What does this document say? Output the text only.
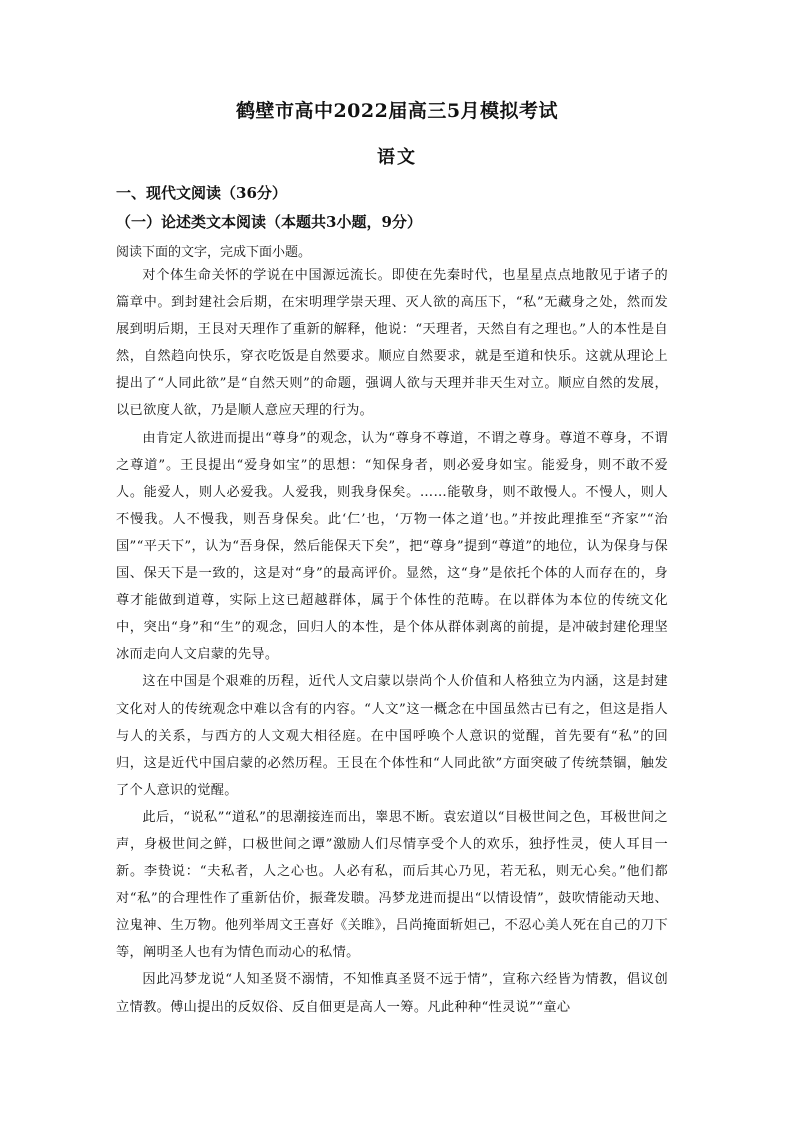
鹤壁市高中2022届高三5月模拟考试
语文
一、现代文阅读（36分）
（一）论述类文本阅读（本题共3小题，9分）
阅读下面的文字，完成下面小题。

对个体生命关怀的学说在中国源远流长。即使在先秦时代，也星星点点地散见于诸子的篇章中。到封建社会后期，在宋明理学崇天理、灭人欲的高压下，“私”无藏身之处，然而发展到明后期，王艮对天理作了重新的解释，他说：“天理者，天然自有之理也。”人的本性是自然，自然趋向快乐，穿衣吃饭是自然要求。顺应自然要求，就是至道和快乐。这就从理论上提出了“人同此欲”是“自然天则”的命题，强调人欲与天理并非天生对立。顺应自然的发展，以已欲度人欲，乃是顺人意应天理的行为。

由肯定人欲进而提出“尊身”的观念，认为“尊身不尊道，不谓之尊身。尊道不尊身，不谓之尊道”。王艮提出“爱身如宝”的思想：“知保身者，则必爱身如宝。能爱身，则不敢不爱人。能爱人，则人必爱我。人爱我，则我身保矣。……能敬身，则不敢慢人。不慢人，则人不慢我。人不慢我，则吾身保矣。此‘仁’也，‘万物一体之道’也。”并按此理推至“齐家”“治国”“平天下”，认为“吾身保，然后能保天下矣”，把“尊身”提到“尊道”的地位，认为保身与保国、保天下是一致的，这是对“身”的最高评价。显然，这“身”是依托个体的人而存在的，身尊才能做到道尊，实际上这已超越群体，属于个体性的范畴。在以群体为本位的传统文化中，突出“身”和“生”的观念，回归人的本性，是个体从群体剥离的前提，是冲破封建伦理坚冰而走向人文启蒙的先导。

这在中国是个艰难的历程，近代人文启蒙以崇尚个人价值和人格独立为内涵，这是封建文化对人的传统观念中难以含有的内容。“人文”这一概念在中国虽然古已有之，但这是指人与人的关系，与西方的人文观大相径庭。在中国呼唤个人意识的觉醒，首先要有“私”的回归，这是近代中国启蒙的必然历程。王艮在个体性和“人同此欲”方面突破了传统禁锢，触发了个人意识的觉醒。

此后，“说私”“道私”的思潮接连而出，睾思不断。袁宏道以“目极世间之色，耳极世间之声，身极世间之鲜，口极世间之谭”激励人们尽情享受个人的欢乐，独抒性灵，使人耳目一新。李贽说：“夫私者，人之心也。人必有私，而后其心乃见，若无私，则无心矣。”他们都对“私”的合理性作了重新估价，振聋发聩。冯梦龙进而提出“以情设情”，鼓吹情能动天地、泣鬼神、生万物。他列举周文王喜好《关睢》，吕尚掩面斩妲己，不忍心美人死在自己的刀下等，阐明圣人也有为情色而动心的私情。

因此冯梦龙说“人知圣贤不溺情，不知惟真圣贤不远于情”，宣称六经皆为情教，倡议创立情教。傅山提出的反奴俗、反自佃更是高人一筹。凡此种种“性灵说”“童心
